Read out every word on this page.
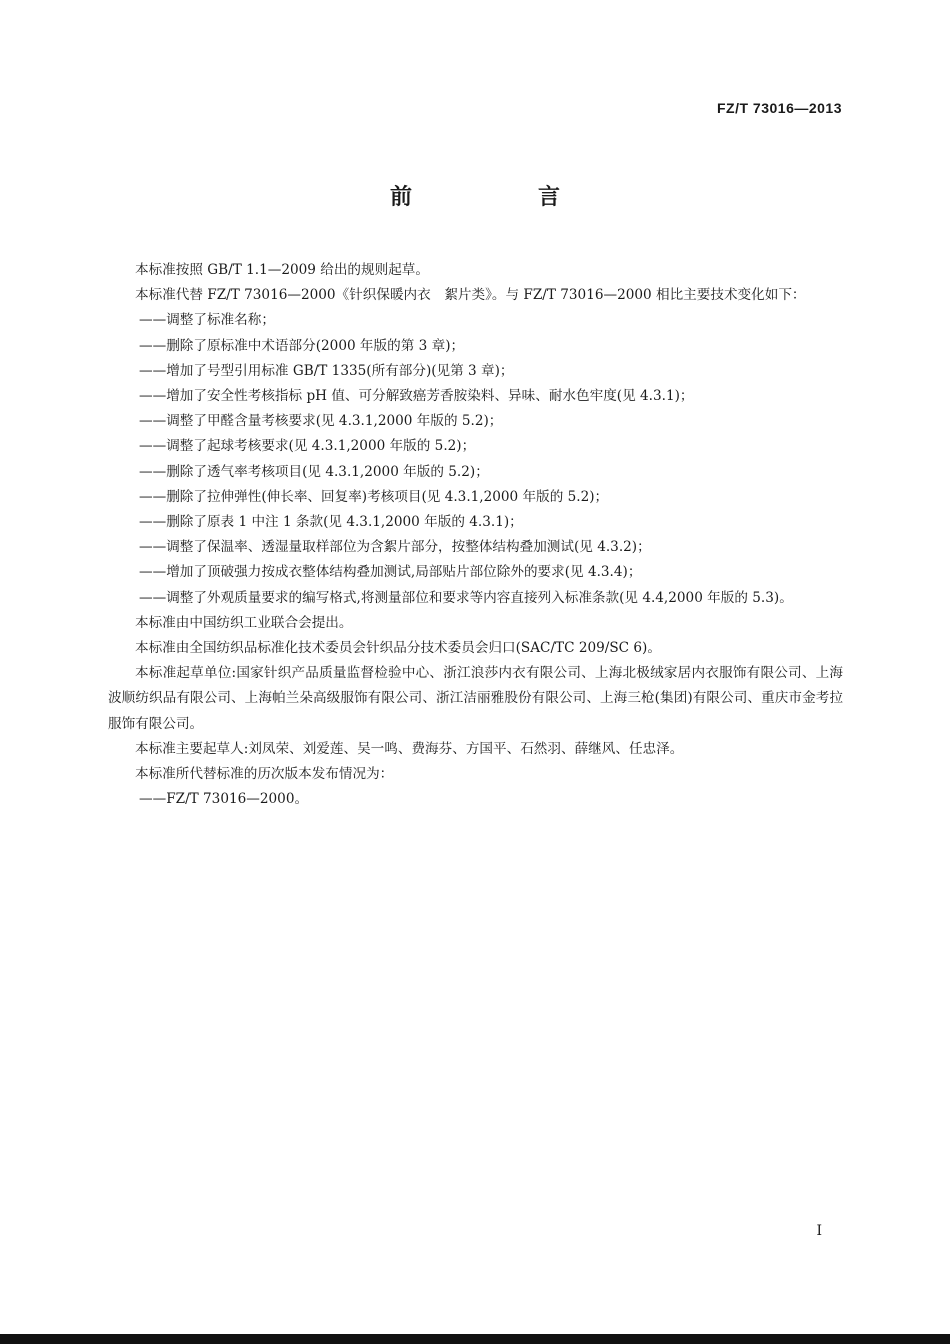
FZ/T 73016—2013
前　言

本标准按照 GB/T 1.1—2009 给出的规则起草。

本标准代替 FZ/T 73016—2000《针织保暖内衣　絮片类》。与 FZ/T 73016—2000 相比主要技术变化如下：

——调整了标准名称；

——删除了原标准中术语部分(2000 年版的第 3 章)；

——增加了号型引用标准 GB/T 1335(所有部分)(见第 3 章)；

——增加了安全性考核指标 pH 值、可分解致癌芳香胺染料、异味、耐水色牢度(见 4.3.1)；

——调整了甲醛含量考核要求(见 4.3.1,2000 年版的 5.2)；

——调整了起球考核要求(见 4.3.1,2000 年版的 5.2)；

——删除了透气率考核项目(见 4.3.1,2000 年版的 5.2)；

——删除了拉伸弹性(伸长率、回复率)考核项目(见 4.3.1,2000 年版的 5.2)；

——删除了原表 1 中注 1 条款(见 4.3.1,2000 年版的 4.3.1)；

——调整了保温率、透湿量取样部位为含絮片部分，按整体结构叠加测试(见 4.3.2)；

——增加了顶破强力按成衣整体结构叠加测试,局部贴片部位除外的要求(见 4.3.4)；

——调整了外观质量要求的编写格式,将测量部位和要求等内容直接列入标准条款(见 4.4,2000 年版的 5.3)。

本标准由中国纺织工业联合会提出。

本标准由全国纺织品标准化技术委员会针织品分技术委员会归口(SAC/TC 209/SC 6)。

本标准起草单位:国家针织产品质量监督检验中心、浙江浪莎内衣有限公司、上海北极绒家居内衣服饰有限公司、上海波顺纺织品有限公司、上海帕兰朵高级服饰有限公司、浙江洁丽雅股份有限公司、上海三枪(集团)有限公司、重庆市金考拉服饰有限公司。

本标准主要起草人:刘凤荣、刘爱莲、吴一鸣、费海芬、方国平、石然羽、薛继风、任忠泽。

本标准所代替标准的历次版本发布情况为：

——FZ/T 73016—2000。

I
